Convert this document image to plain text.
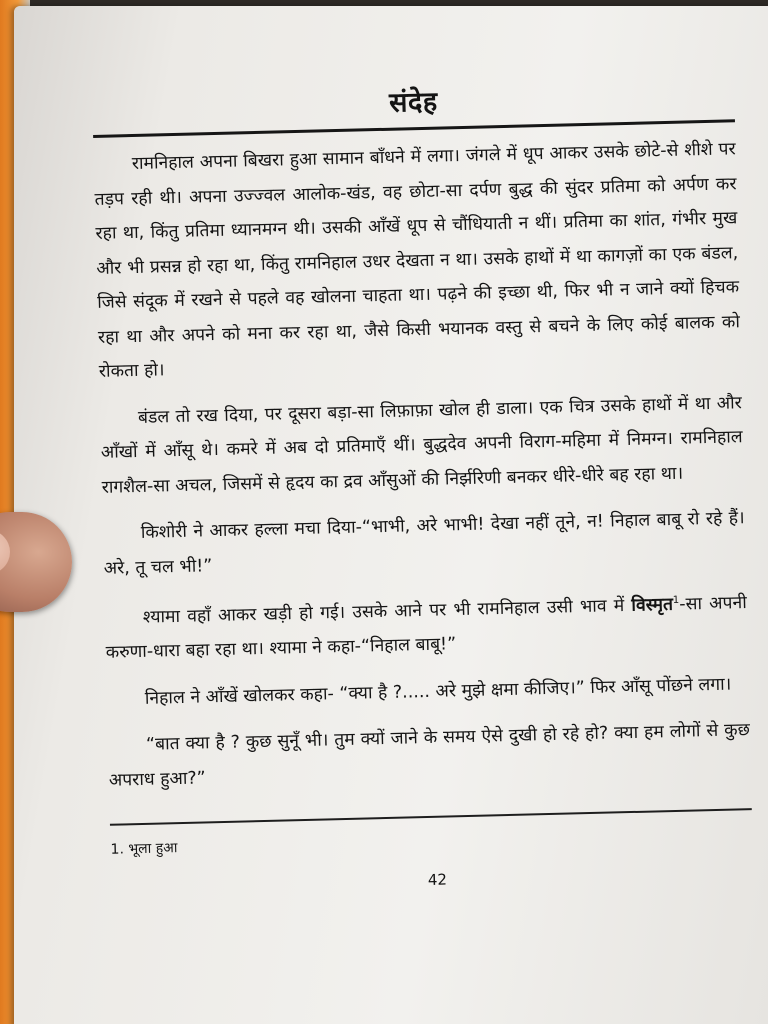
संदेह

रामनिहाल अपना बिखरा हुआ सामान बाँधने में लगा। जंगले में धूप आकर उसके छोटे-से शीशे पर तड़प रही थी। अपना उज्ज्वल आलोक-खंड, वह छोटा-सा दर्पण बुद्ध की सुंदर प्रतिमा को अर्पण कर रहा था, किंतु प्रतिमा ध्यानमग्न थी। उसकी आँखें धूप से चौंधियाती न थीं। प्रतिमा का शांत, गंभीर मुख और भी प्रसन्न हो रहा था, किंतु रामनिहाल उधर देखता न था। उसके हाथों में था कागज़ों का एक बंडल, जिसे संदूक में रखने से पहले वह खोलना चाहता था। पढ़ने की इच्छा थी, फिर भी न जाने क्यों हिचक रहा था और अपने को मना कर रहा था, जैसे किसी भयानक वस्तु से बचने के लिए कोई बालक को रोकता हो।

बंडल तो रख दिया, पर दूसरा बड़ा-सा लिफ़ाफ़ा खोल ही डाला। एक चित्र उसके हाथों में था और आँखों में आँसू थे। कमरे में अब दो प्रतिमाएँ थीं। बुद्धदेव अपनी विराग-महिमा में निमग्न। रामनिहाल रागशैल-सा अचल, जिसमें से हृदय का द्रव आँसुओं की निर्झरिणी बनकर धीरे-धीरे बह रहा था।

किशोरी ने आकर हल्ला मचा दिया-“भाभी, अरे भाभी! देखा नहीं तूने, न! निहाल बाबू रो रहे हैं। अरे, तू चल भी!”

श्यामा वहाँ आकर खड़ी हो गई। उसके आने पर भी रामनिहाल उसी भाव में विस्मृत$^1$-सा अपनी करुणा-धारा बहा रहा था। श्यामा ने कहा-“निहाल बाबू!”

निहाल ने आँखें खोलकर कहा- “क्या है ?..... अरे मुझे क्षमा कीजिए।” फिर आँसू पोंछने लगा।

“बात क्या है ? कुछ सुनूँ भी। तुम क्यों जाने के समय ऐसे दुखी हो रहे हो? क्या हम लोगों से कुछ अपराध हुआ?”

1. भूला हुआ

42
